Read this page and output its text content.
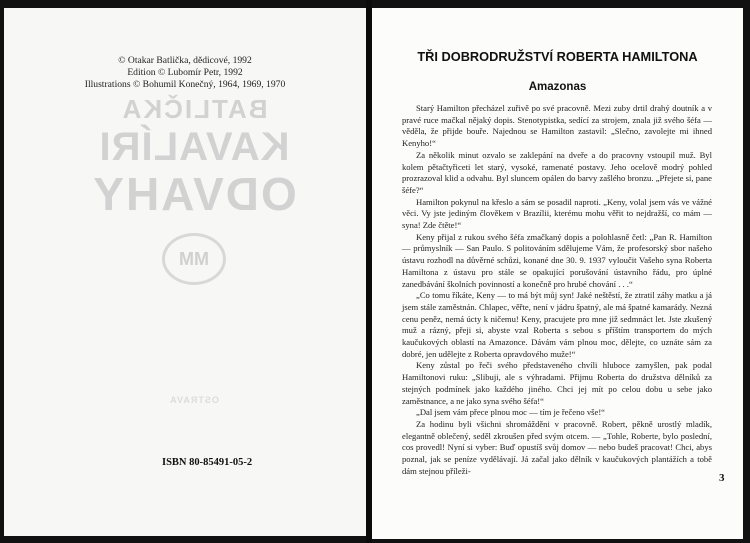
© Otakar Batlička, dědicové, 1992
Edition © Lubomír Petr, 1992
Illustrations © Bohumil Konečný, 1964, 1969, 1970
BATLIČKA
KAVALÍRI
ODVAHY
MM
OSTRAVA
ISBN 80-85491-05-2
TŘI DOBRODRUŽSTVÍ ROBERTA HAMILTONA
Amazonas

Starý Hamilton přecházel zuřivě po své pracovně. Mezi zuby drtil drahý doutník a v pravé ruce mačkal nějaký dopis. Stenotypistka, sedící za strojem, znala již svého šéfa — věděla, že přijde bouře. Najednou se Hamilton zastavil: „Slečno, zavolejte mi ihned Kenyho!“

Za několik minut ozvalo se zaklepání na dveře a do pracovny vstoupil muž. Byl kolem pětačtyřiceti let starý, vysoké, ramenaté postavy. Jeho ocelově modrý pohled prozrazoval klid a odvahu. Byl sluncem opálen do barvy zašlého bronzu. „Přejete si, pane šéfe?“

Hamilton pokynul na křeslo a sám se posadil naproti. „Keny, volal jsem vás ve vážné věci. Vy jste jediným člověkem v Brazílii, kterému mohu věřit to nejdražší, co mám — syna! Zde čtěte!“

Keny přijal z rukou svého šéfa zmačkaný dopis a polohlasně četl: „Pan R. Hamilton — průmyslník — San Paulo. S politováním sdělujeme Vám, že profesorský sbor našeho ústavu rozhodl na důvěrné schůzi, konané dne 30. 9. 1937 vyloučit Vašeho syna Roberta Hamiltona z ústavu pro stále se opakující porušování ústavního řádu, pro úplné zanedbávání školních povinností a konečně pro hrubé chování . . .“

„Co tomu říkáte, Keny — to má být můj syn! Jaké neštěstí, že ztratil záhy matku a já jsem stále zaměstnán. Chlapec, věřte, není v jádru špatný, ale má špatné kamarády. Nezná cenu peněz, nemá úcty k ničemu! Keny, pracujete pro mne již sedmnáct let. Jste zkušený muž a rázný, přeji si, abyste vzal Roberta s sebou s příštím transportem do mých kaučukových oblastí na Amazonce. Dávám vám plnou moc, dělejte, co uznáte sám za dobré, jen udělejte z Roberta opravdového muže!“

Keny zůstal po řeči svého představeného chvíli hluboce zamyšlen, pak podal Hamiltonovi ruku: „Slibuji, ale s výhradami. Přijmu Roberta do družstva dělníků za stejných podmínek jako každého jiného. Chci jej mít po celou dobu u sebe jako zaměstnance, a ne jako syna svého šéfa!“

„Dal jsem vám přece plnou moc — tím je řečeno vše!“

Za hodinu byli všichni shromážděni v pracovně. Robert, pěkně urostlý mladík, elegantně oblečený, seděl zkroušen před svým otcem. — „Tohle, Roberte, bylo poslední, cos provedl! Nyní si vyber: Buď opustíš svůj domov — nebo budeš pracovat! Chci, abys poznal, jak se peníze vydělávají. Já začal jako dělník v kaučukových plantážích a tobě dám stejnou příleži-

3
